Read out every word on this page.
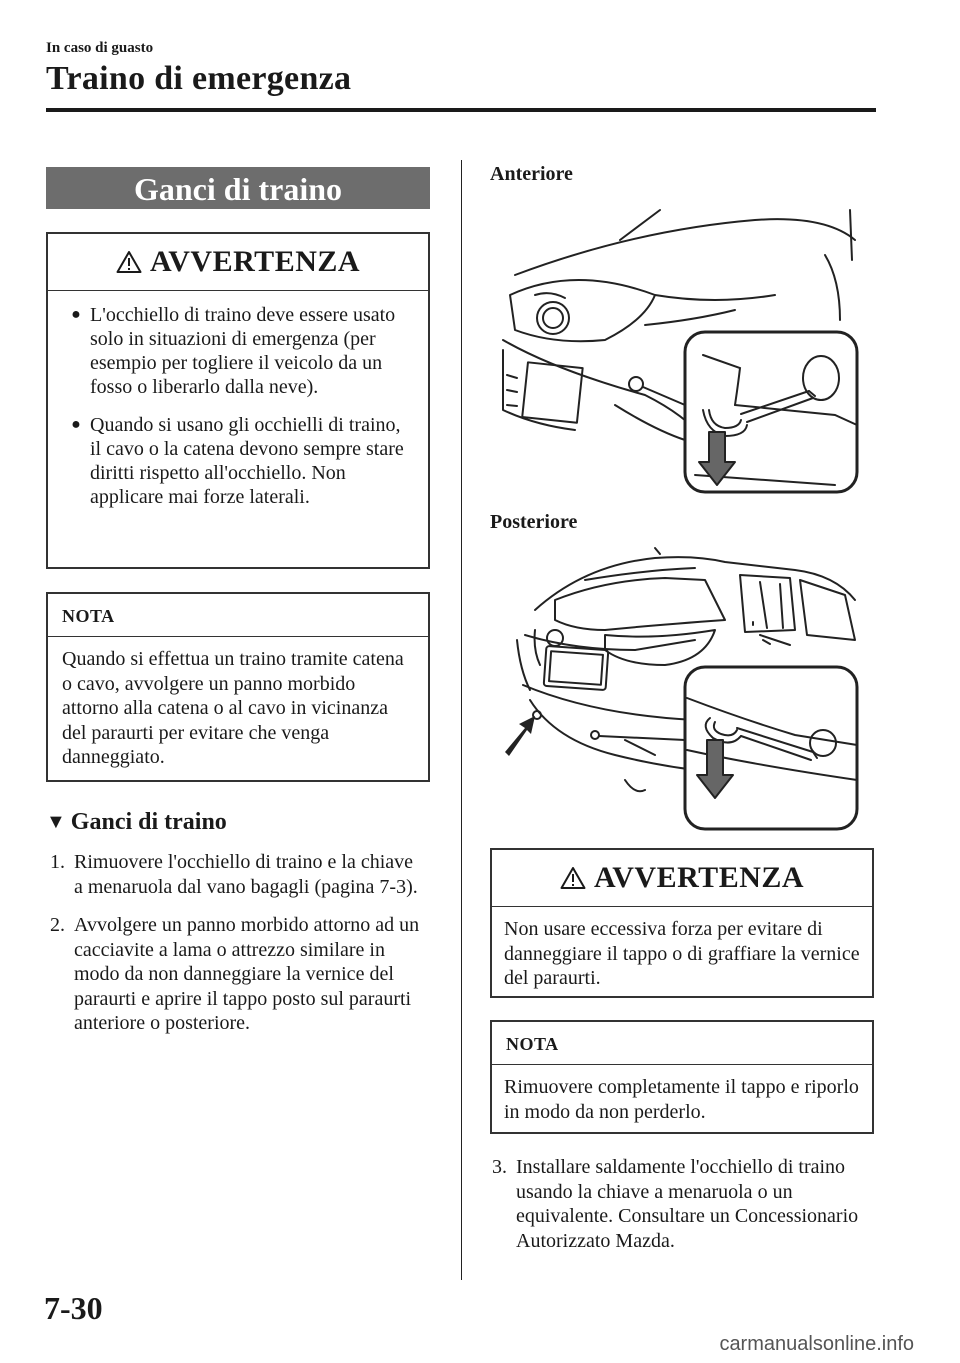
In caso di guasto
Traino di emergenza
Ganci di traino
AVVERTENZA
● L'occhiello di traino deve essere usato solo in situazioni di emergenza (per esempio per togliere il veicolo da un fosso o liberarlo dalla neve).
● Quando si usano gli occhielli di traino, il cavo o la catena devono sempre stare diritti rispetto all'occhiello. Non applicare mai forze laterali.
NOTA
Quando si effettua un traino tramite catena o cavo, avvolgere un panno morbido attorno alla catena o al cavo in vicinanza del paraurti per evitare che venga danneggiato.
▼ Ganci di traino
1. Rimuovere l'occhiello di traino e la chiave a menaruola dal vano bagagli (pagina 7-3).
2. Avvolgere un panno morbido attorno ad un cacciavite a lama o attrezzo similare in modo da non danneggiare la vernice del paraurti e aprire il tappo posto sul paraurti anteriore o posteriore.
Anteriore
Posteriore
AVVERTENZA
Non usare eccessiva forza per evitare di danneggiare il tappo o di graffiare la vernice del paraurti.
NOTA
Rimuovere completamente il tappo e riporlo in modo da non perderlo.
3. Installare saldamente l'occhiello di traino usando la chiave a menaruola o un equivalente. Consultare un Concessionario Autorizzato Mazda.
7-30
carmanualsonline.info
